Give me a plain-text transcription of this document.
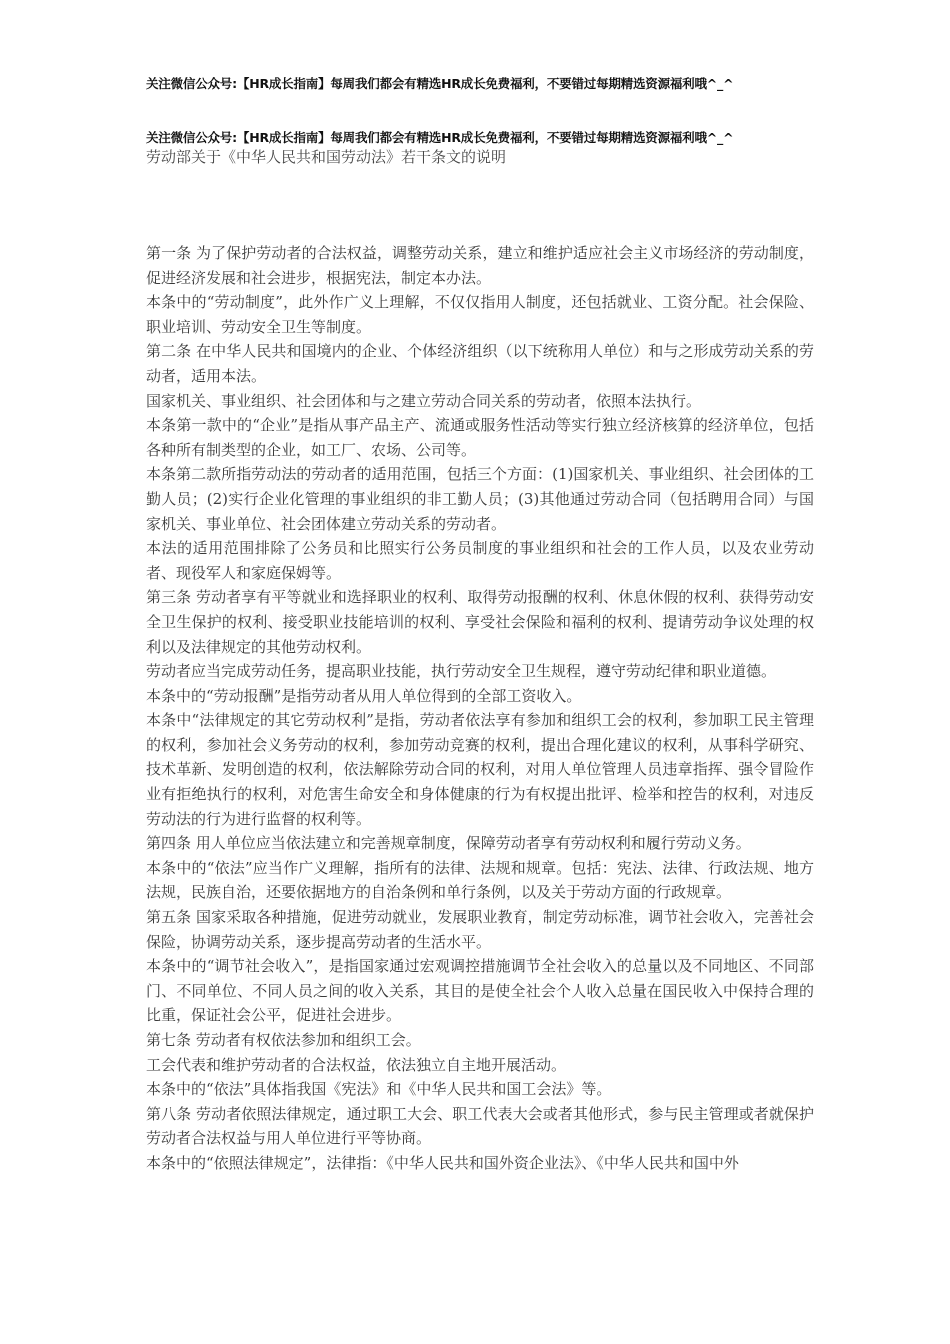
关注微信公众号:【HR成长指南】每周我们都会有精选HR成长免费福利，不要错过每期精选资源福利哦^_^
关注微信公众号:【HR成长指南】每周我们都会有精选HR成长免费福利，不要错过每期精选资源福利哦^_^
劳动部关于《中华人民共和国劳动法》若干条文的说明

第一条 为了保护劳动者的合法权益，调整劳动关系，建立和维护适应社会主义市场经济的劳动制度，促进经济发展和社会进步，根据宪法，制定本办法。

本条中的“劳动制度”，此外作广义上理解，不仅仅指用人制度，还包括就业、工资分配。社会保险、职业培训、劳动安全卫生等制度。

第二条 在中华人民共和国境内的企业、个体经济组织（以下统称用人单位）和与之形成劳动关系的劳动者，适用本法。

国家机关、事业组织、社会团体和与之建立劳动合同关系的劳动者，依照本法执行。

本条第一款中的“企业”是指从事产品主产、流通或服务性活动等实行独立经济核算的经济单位，包括各种所有制类型的企业，如工厂、农场、公司等。

本条第二款所指劳动法的劳动者的适用范围，包括三个方面：(1)国家机关、事业组织、社会团体的工勤人员；(2)实行企业化管理的事业组织的非工勤人员；(3)其他通过劳动合同（包括聘用合同）与国家机关、事业单位、社会团体建立劳动关系的劳动者。

本法的适用范围排除了公务员和比照实行公务员制度的事业组织和社会的工作人员，以及农业劳动者、现役军人和家庭保姆等。

第三条 劳动者享有平等就业和选择职业的权利、取得劳动报酬的权利、休息休假的权利、获得劳动安全卫生保护的权利、接受职业技能培训的权利、享受社会保险和福利的权利、提请劳动争议处理的权利以及法律规定的其他劳动权利。

劳动者应当完成劳动任务，提高职业技能，执行劳动安全卫生规程，遵守劳动纪律和职业道德。

本条中的“劳动报酬”是指劳动者从用人单位得到的全部工资收入。

本条中“法律规定的其它劳动权利”是指，劳动者依法享有参加和组织工会的权利，参加职工民主管理的权利，参加社会义务劳动的权利，参加劳动竞赛的权利，提出合理化建议的权利，从事科学研究、技术革新、发明创造的权利，依法解除劳动合同的权利，对用人单位管理人员违章指挥、强令冒险作业有拒绝执行的权利，对危害生命安全和身体健康的行为有权提出批评、检举和控告的权利，对违反劳动法的行为进行监督的权利等。

第四条 用人单位应当依法建立和完善规章制度，保障劳动者享有劳动权利和履行劳动义务。

本条中的“依法”应当作广义理解，指所有的法律、法规和规章。包括：宪法、法律、行政法规、地方法规，民族自治，还要依据地方的自治条例和单行条例，以及关于劳动方面的行政规章。

第五条 国家采取各种措施，促进劳动就业，发展职业教育，制定劳动标准，调节社会收入，完善社会保险，协调劳动关系，逐步提高劳动者的生活水平。

本条中的“调节社会收入”，是指国家通过宏观调控措施调节全社会收入的总量以及不同地区、不同部门、不同单位、不同人员之间的收入关系，其目的是使全社会个人收入总量在国民收入中保持合理的比重，保证社会公平，促进社会进步。

第七条 劳动者有权依法参加和组织工会。

工会代表和维护劳动者的合法权益，依法独立自主地开展活动。

本条中的“依法”具体指我国《宪法》和《中华人民共和国工会法》等。

第八条 劳动者依照法律规定，通过职工大会、职工代表大会或者其他形式，参与民主管理或者就保护劳动者合法权益与用人单位进行平等协商。

本条中的“依照法律规定”，法律指：《中华人民共和国外资企业法》、《中华人民共和国中外
